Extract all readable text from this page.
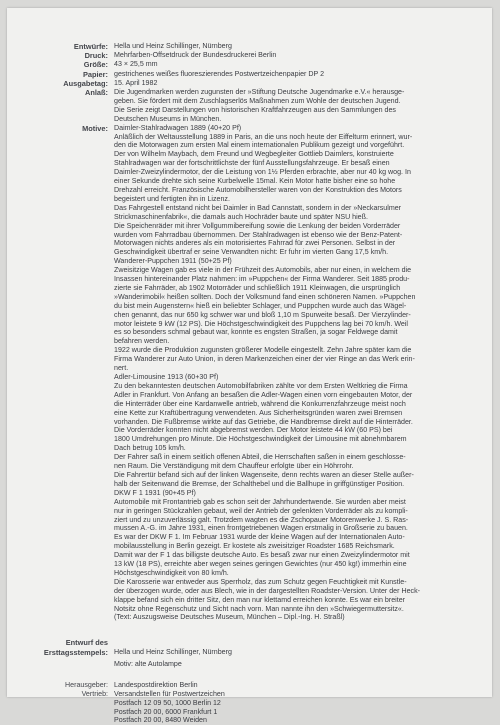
Entwürfe: Hella und Heinz Schillinger, Nürnberg

Druck: Mehrfarben-Offsetdruck der Bundesdruckerei Berlin

Größe: 43 × 25,5 mm

Papier: gestrichenes weißes fluoreszierendes Postwertzeichenpapier DP 2

Ausgabetag: 15. April 1982

Anlaß: Die Jugendmarken werden zugunsten der »Stiftung Deutsche Jugendmarke e.V.« herausge-

geben. Sie fördert mit dem Zuschlagserlös Maßnahmen zum Wohle der deutschen Jugend.

Die Serie zeigt Darstellungen von historischen Kraftfahrzeugen aus den Sammlungen des

Deutschen Museums in München.

Motive: Daimler-Stahlradwagen 1889 (40+20 Pf)

Anläßlich der Weltausstellung 1889 in Paris, an die uns noch heute der Eiffelturm erinnert, wur-

den die Motorwagen zum ersten Mal einem internationalen Publikum gezeigt und vorgeführt.

Der von Wilhelm Maybach, dem Freund und Wegbegleiter Gottlieb Daimlers, konstruierte

Stahlradwagen war der fortschrittlichste der fünf Ausstellungsfahrzeuge. Er besaß einen

Daimler-Zweizylindermotor, der die Leistung von 1½ Pferden erbrachte, aber nur 40 kg wog. In

einer Sekunde drehte sich seine Kurbelwelle 15mal. Kein Motor hatte bisher eine so hohe

Drehzahl erreicht. Französische Automobilhersteller waren von der Konstruktion des Motors

begeistert und fertigten ihn in Lizenz.

Das Fahrgestell entstand nicht bei Daimler in Bad Cannstatt, sondern in der »Neckarsulmer

Strickmaschinenfabrik«, die damals auch Hochräder baute und später NSU hieß.

Die Speichenräder mit ihrer Vollgummibereifung sowie die Lenkung der beiden Vorderräder

wurden vom Fahrradbau übernommen. Der Stahlradwagen ist ebenso wie der Benz-Patent-

Motorwagen nichts anderes als ein motorisiertes Fahrrad für zwei Personen. Selbst in der

Geschwindigkeit übertraf er seine Verwandten nicht: Er fuhr im vierten Gang 17,5 km/h.

Wanderer-Puppchen 1911 (50+25 Pf)

Zweisitzige Wagen gab es viele in der Frühzeit des Automobils, aber nur einen, in welchem die

Insassen hintereinander Platz nahmen: im »Puppchen« der Firma Wanderer. Seit 1885 produ-

zierte sie Fahrräder, ab 1902 Motorräder und schließlich 1911 Kleinwagen, die ursprünglich

»Wanderimobil« heißen sollten. Doch der Volksmund fand einen schöneren Namen. »Puppchen

du bist mein Augenstern« hieß ein beliebter Schlager, und Puppchen wurde auch das Wägel-

chen genannt, das nur 650 kg schwer war und bloß 1,10 m Spurweite besaß. Der Vierzylinder-

motor leistete 9 kW (12 PS). Die Höchstgeschwindigkeit des Puppchens lag bei 70 km/h. Weil

es so besonders schmal gebaut war, konnte es engsten Straßen, ja sogar Feldwege damit

befahren werden.

1922 wurde die Produktion zugunsten größerer Modelle eingestellt. Zehn Jahre später kam die

Firma Wanderer zur Auto Union, in deren Markenzeichen einer der vier Ringe an das Werk erin-

nert.

Adler-Limousine 1913 (60+30 Pf)

Zu den bekanntesten deutschen Automobilfabriken zählte vor dem Ersten Weltkrieg die Firma

Adler in Frankfurt. Von Anfang an besaßen die Adler-Wagen einen vorn eingebauten Motor, der

die Hinterräder über eine Kardanwelle antrieb, während die Konkurrenzfahrzeuge meist noch

eine Kette zur Kraftübertragung verwendeten. Aus Sicherheitsgründen waren zwei Bremsen

vorhanden. Die Fußbremse wirkte auf das Getriebe, die Handbremse direkt auf die Hinterräder.

Die Vorderräder konnten nicht abgebremst werden. Der Motor leistete 44 kW (60 PS) bei

1800 Umdrehungen pro Minute. Die Höchstgeschwindigkeit der Limousine mit abnehmbarem

Dach betrug 105 km/h.

Der Fahrer saß in einem seitlich offenen Abteil, die Herrschaften saßen in einem geschlosse-

nen Raum. Die Verständigung mit dem Chauffeur erfolgte über ein Höhrrohr.

Die Fahrertür befand sich auf der linken Wagenseite, denn rechts waren an dieser Stelle außer-

halb der Seitenwand die Bremse, der Schalthebel und die Ballhupe in griffgünstiger Position.

DKW F 1 1931 (90+45 Pf)

Automobile mit Frontantrieb gab es schon seit der Jahrhundertwende. Sie wurden aber meist

nur in geringen Stückzahlen gebaut, weil der Antrieb der gelenkten Vorderräder als zu kompli-

ziert und zu unzuverlässig galt. Trotzdem wagten es die Zschopauer Motorenwerke J. S. Ras-

mussen A.-G. im Jahre 1931, einen frontgetriebenen Wagen erstmalig in Großserie zu bauen.

Es war der DKW F 1. Im Februar 1931 wurde der kleine Wagen auf der Internationalen Auto-

mobilausstellung in Berlin gezeigt. Er kostete als zweisitziger Roadster 1685 Reichsmark.

Damit war der F 1 das billigste deutsche Auto. Es besaß zwar nur einen Zweizylindermotor mit

13 kW (18 PS), erreichte aber wegen seines geringen Gewichtes (nur 450 kg!) immerhin eine

Höchstgeschwindigkeit von 80 km/h.

Die Karosserie war entweder aus Sperrholz, das zum Schutz gegen Feuchtigkeit mit Kunstle-

der überzogen wurde, oder aus Blech, wie in der dargestellten Roadster-Version. Unter der Heck-

klappe befand sich ein dritter Sitz, den man nur klettamd erreichen konnte. Es war ein breiter

Notsitz ohne Regenschutz und Sicht nach vorn. Man nannte ihn den »Schwiegermuttersitz«.

(Text: Auszugsweise Deutsches Museum, München – Dipl.-Ing. H. Straßl)

Entwurf des
Ersttagsstempels: Hella und Heinz Schillinger, Nürnberg

Motiv: alte Autolampe

Herausgeber:
Vertrieb:

Landespostdirektion Berlin

Versandstellen für Postwertzeichen

Postfach 12 09 50, 1000 Berlin 12

Postfach 20 00, 6000 Frankfurt 1

Postfach 20 00, 8480 Weiden
